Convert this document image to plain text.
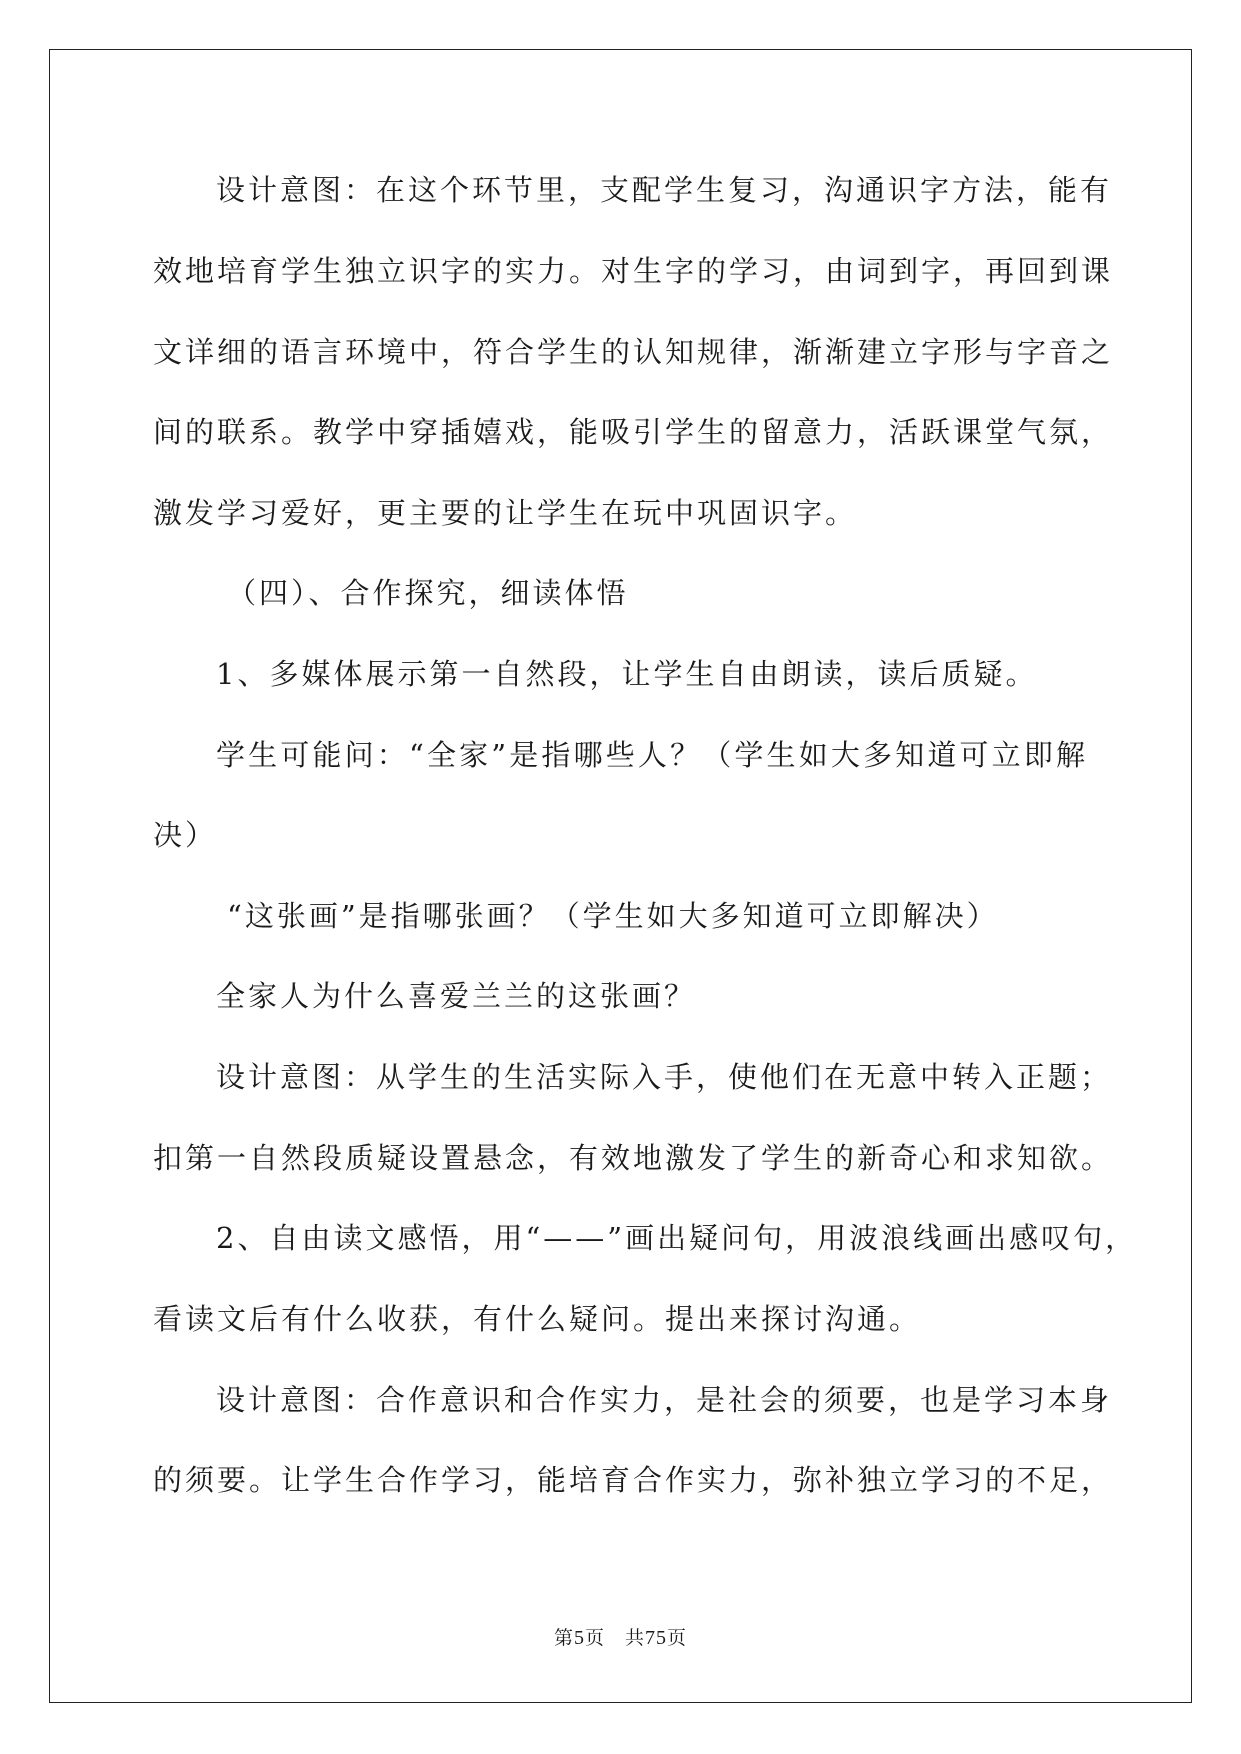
设计意图：在这个环节里，支配学生复习，沟通识字方法，能有
效地培育学生独立识字的实力。对生字的学习，由词到字，再回到课
文详细的语言环境中，符合学生的认知规律，渐渐建立字形与字音之
间的联系。教学中穿插嬉戏，能吸引学生的留意力，活跃课堂气氛，
激发学习爱好，更主要的让学生在玩中巩固识字。
（四）、合作探究，细读体悟
1、多媒体展示第一自然段，让学生自由朗读，读后质疑。
学生可能问：“全家”是指哪些人？（学生如大多知道可立即解
决）
“这张画”是指哪张画？（学生如大多知道可立即解决）
全家人为什么喜爱兰兰的这张画？
设计意图：从学生的生活实际入手，使他们在无意中转入正题；
扣第一自然段质疑设置悬念，有效地激发了学生的新奇心和求知欲。
2、自由读文感悟，用“——”画出疑问句，用波浪线画出感叹句，
看读文后有什么收获，有什么疑问。提出来探讨沟通。
设计意图：合作意识和合作实力，是社会的须要，也是学习本身
的须要。让学生合作学习，能培育合作实力，弥补独立学习的不足，
第5页　共75页
